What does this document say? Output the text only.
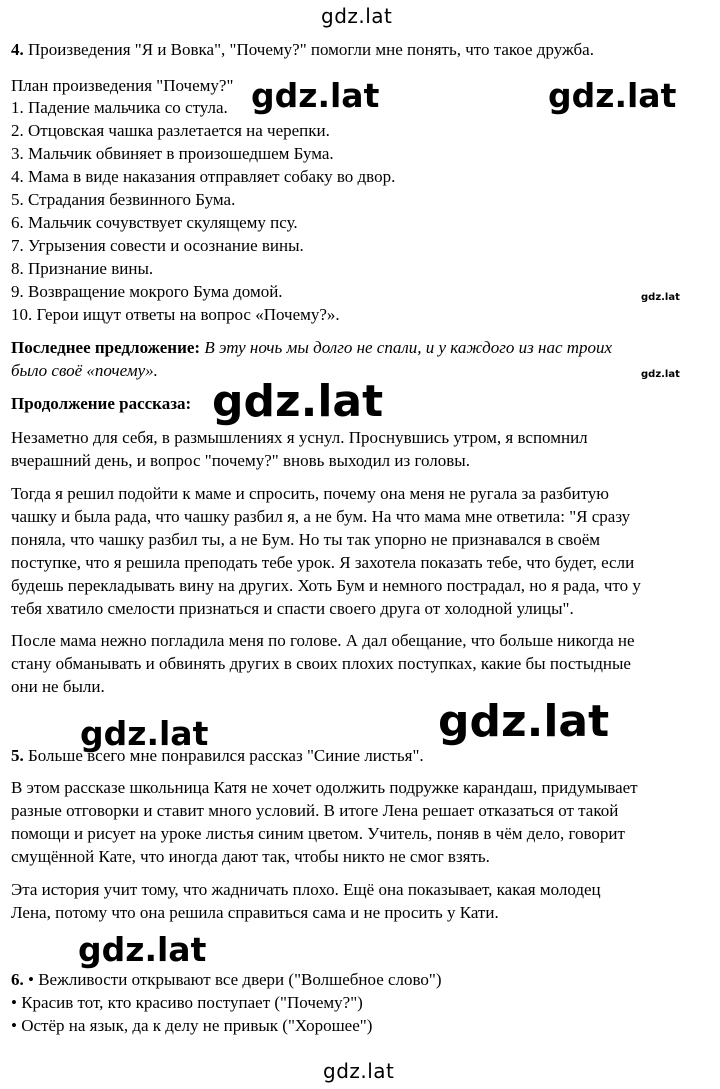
gdz.lat
gdz.lat	gdz.lat
gdz.lat
gdz.lat
gdz.lat
gdz.lat	gdz.lat
gdz.lat
gdz.lat
4. Произведения "Я и Вовка", "Почему?" помогли мне понять, что такое дружба.
План произведения "Почему?"
1. Падение мальчика со стула.
2. Отцовская чашка разлетается на черепки.
3. Мальчик обвиняет в произошедшем Бума.
4. Мама в виде наказания отправляет собаку во двор.
5. Страдания безвинного Бума.
6. Мальчик сочувствует скулящему псу.
7. Угрызения совести и осознание вины.
8. Признание вины.
9. Возвращение мокрого Бума домой.
10. Герои ищут ответы на вопрос «Почему?».
Последнее предложение: В эту ночь мы долго не спали, и у каждого из нас троих
было своё «почему».
Продолжение рассказа:
Незаметно для себя, в размышлениях я уснул. Проснувшись утром, я вспомнил
вчерашний день, и вопрос "почему?" вновь выходил из головы.
Тогда я решил подойти к маме и спросить, почему она меня не ругала за разбитую
чашку и была рада, что чашку разбил я, а не бум. На что мама мне ответила: "Я сразу
поняла, что чашку разбил ты, а не Бум. Но ты так упорно не признавался в своём
поступке, что я решила преподать тебе урок. Я захотела показать тебе, что будет, если
будешь перекладывать вину на других. Хоть Бум и немного пострадал, но я рада, что у
тебя хватило смелости признаться и спасти своего друга от холодной улицы".
После мама нежно погладила меня по голове. А дал обещание, что больше никогда не
стану обманывать и обвинять других в своих плохих поступках, какие бы постыдные
они не были.
5. Больше всего мне понравился рассказ "Синие листья".
В этом рассказе школьница Катя не хочет одолжить подружке карандаш, придумывает
разные отговорки и ставит много условий. В итоге Лена решает отказаться от такой
помощи и рисует на уроке листья синим цветом. Учитель, поняв в чём дело, говорит
смущённой Кате, что иногда дают так, чтобы никто не смог взять.
Эта история учит тому, что жадничать плохо. Ещё она показывает, какая молодец
Лена, потому что она решила справиться сама и не просить у Кати.
6. • Вежливости открывают все двери ("Волшебное слово")
• Красив тот, кто красиво поступает ("Почему?")
• Остёр на язык, да к делу не привык ("Хорошее")
